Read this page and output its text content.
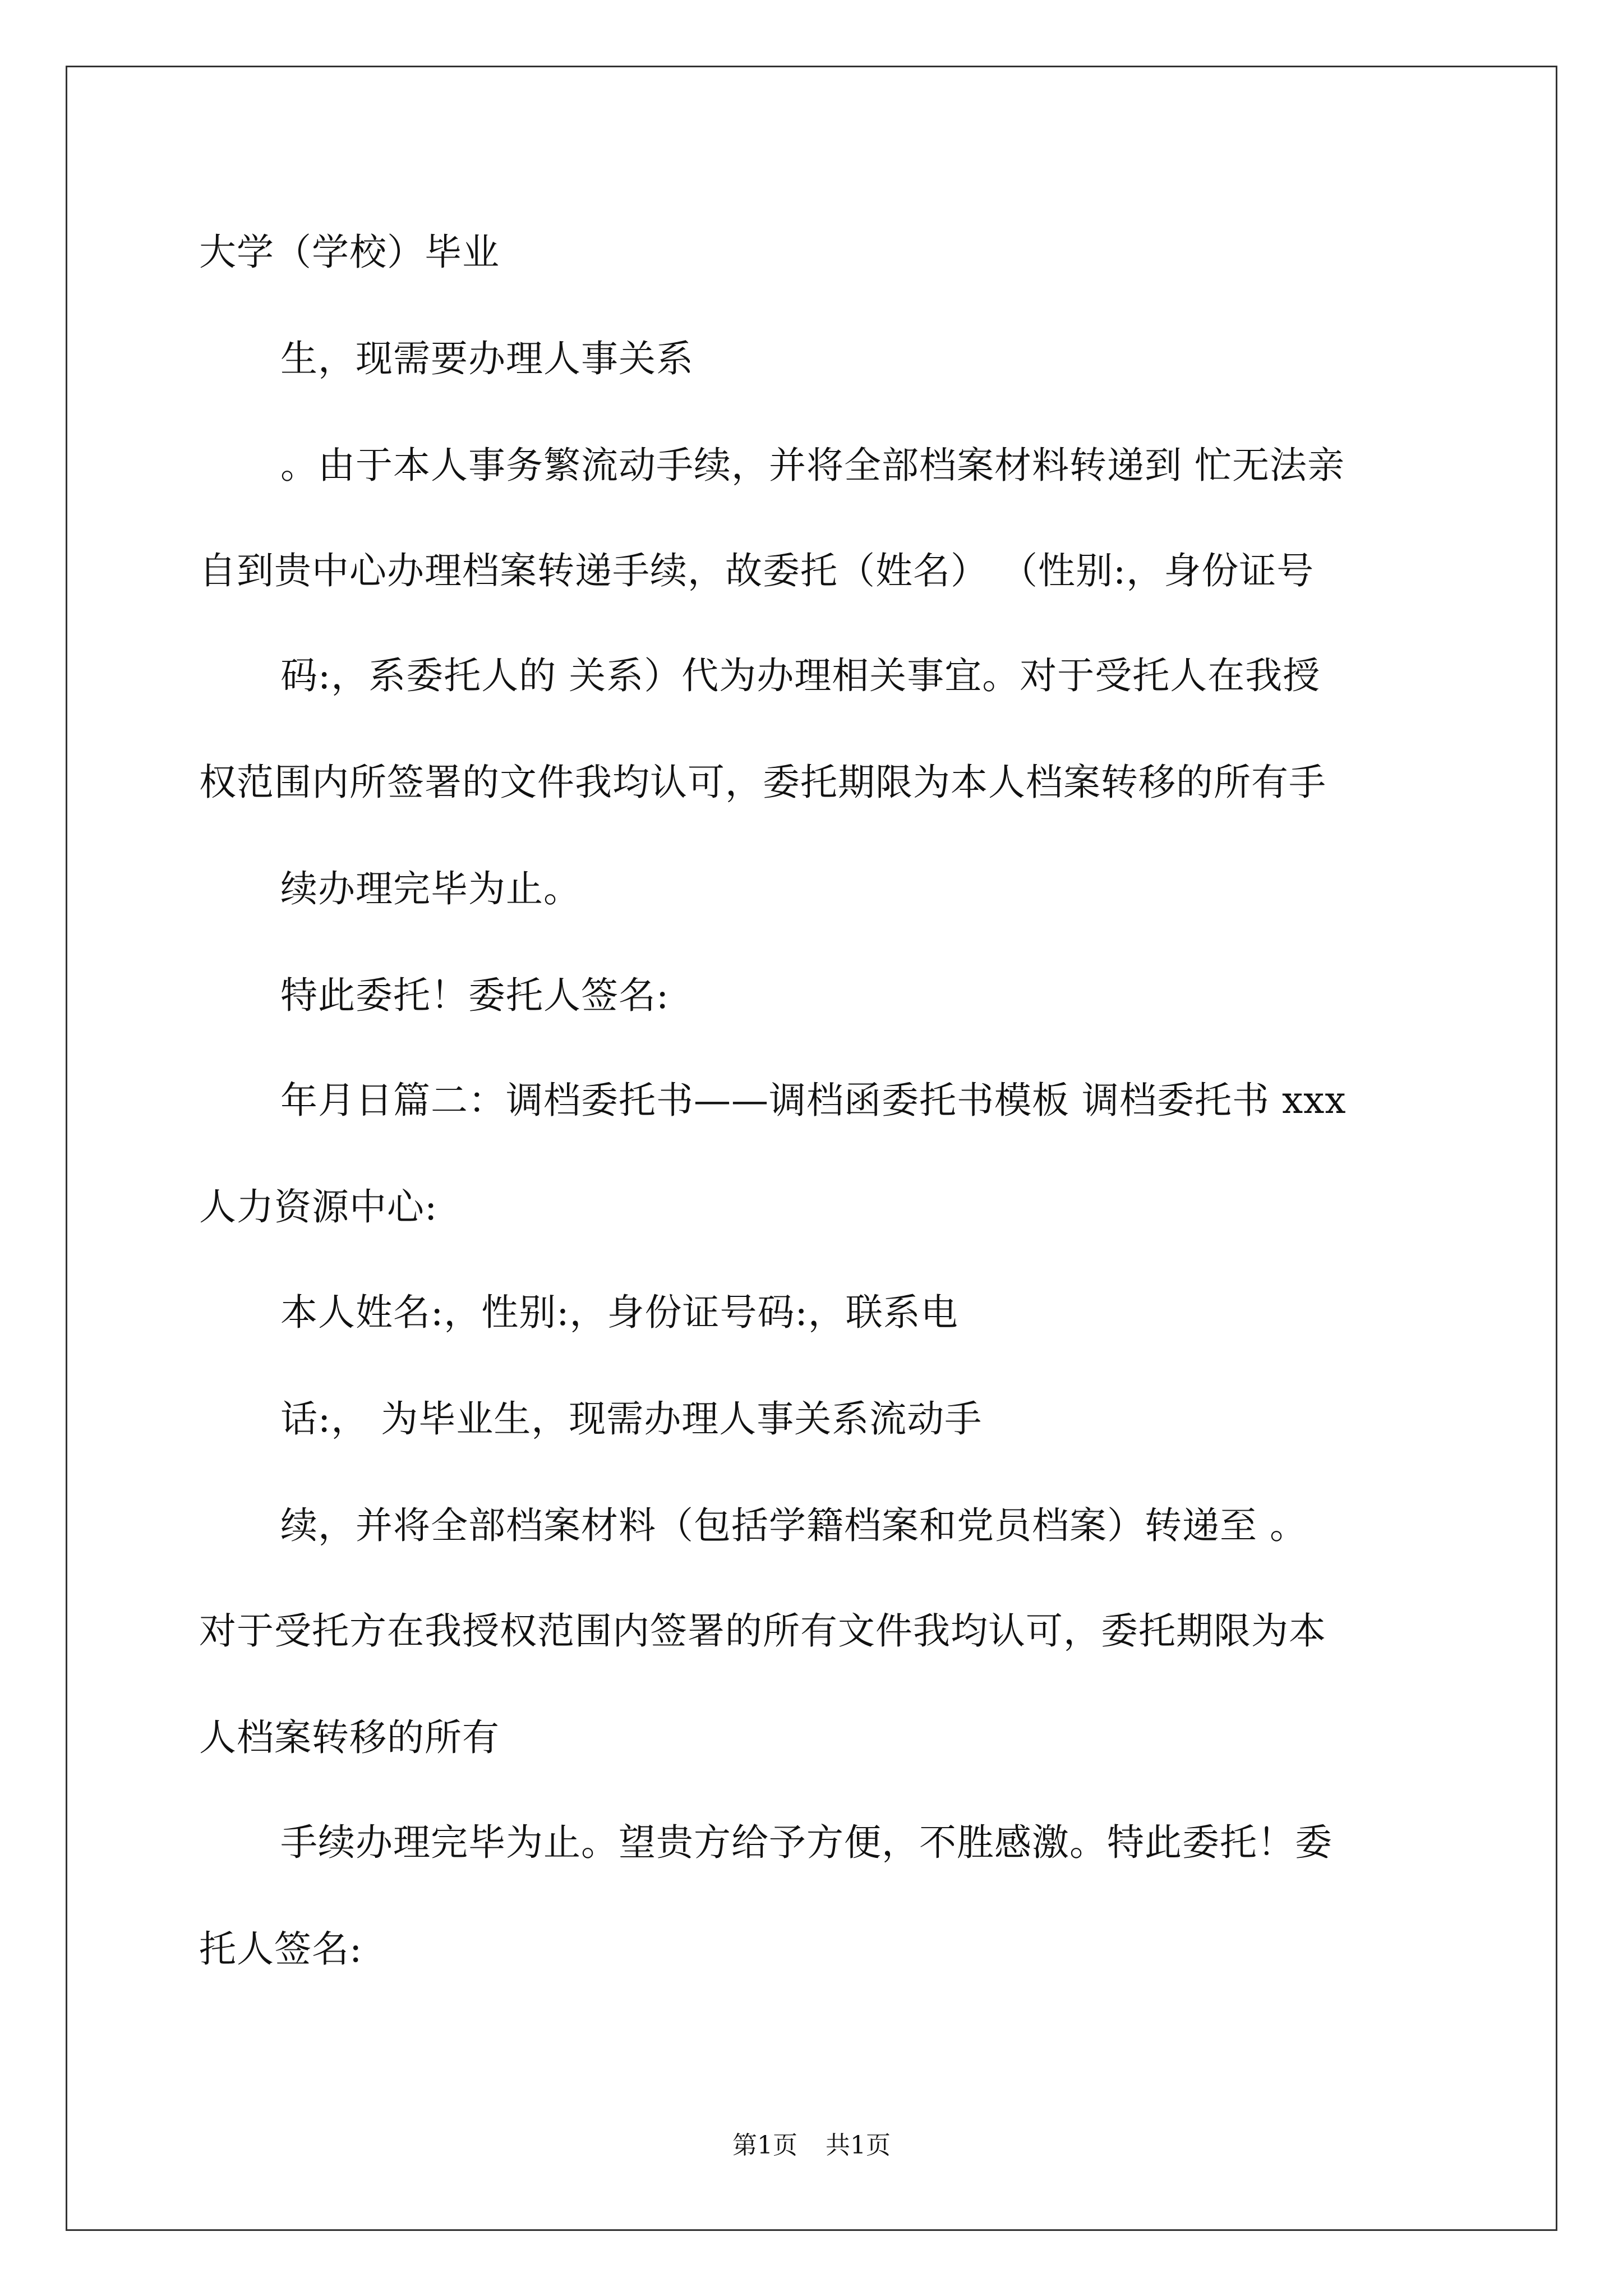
大学（学校）毕业
生，现需要办理人事关系
。由于本人事务繁流动手续，并将全部档案材料转递到 忙无法亲
自到贵中心办理档案转递手续，故委托（姓名） （性别:，身份证号
码:，系委托人的 关系）代为办理相关事宜。对于受托人在我授
权范围内所签署的文件我均认可，委托期限为本人档案转移的所有手
续办理完毕为止。
特此委托！委托人签名:
年月日篇二：调档委托书——调档函委托书模板 调档委托书 xxx
人力资源中心:
本人姓名:，性别:，身份证号码:，联系电
话:， 为毕业生，现需办理人事关系流动手
续，并将全部档案材料（包括学籍档案和党员档案）转递至 。
对于受托方在我授权范围内签署的所有文件我均认可，委托期限为本
人档案转移的所有
手续办理完毕为止。望贵方给予方便，不胜感激。特此委托！委
托人签名:
第1页 共1页
